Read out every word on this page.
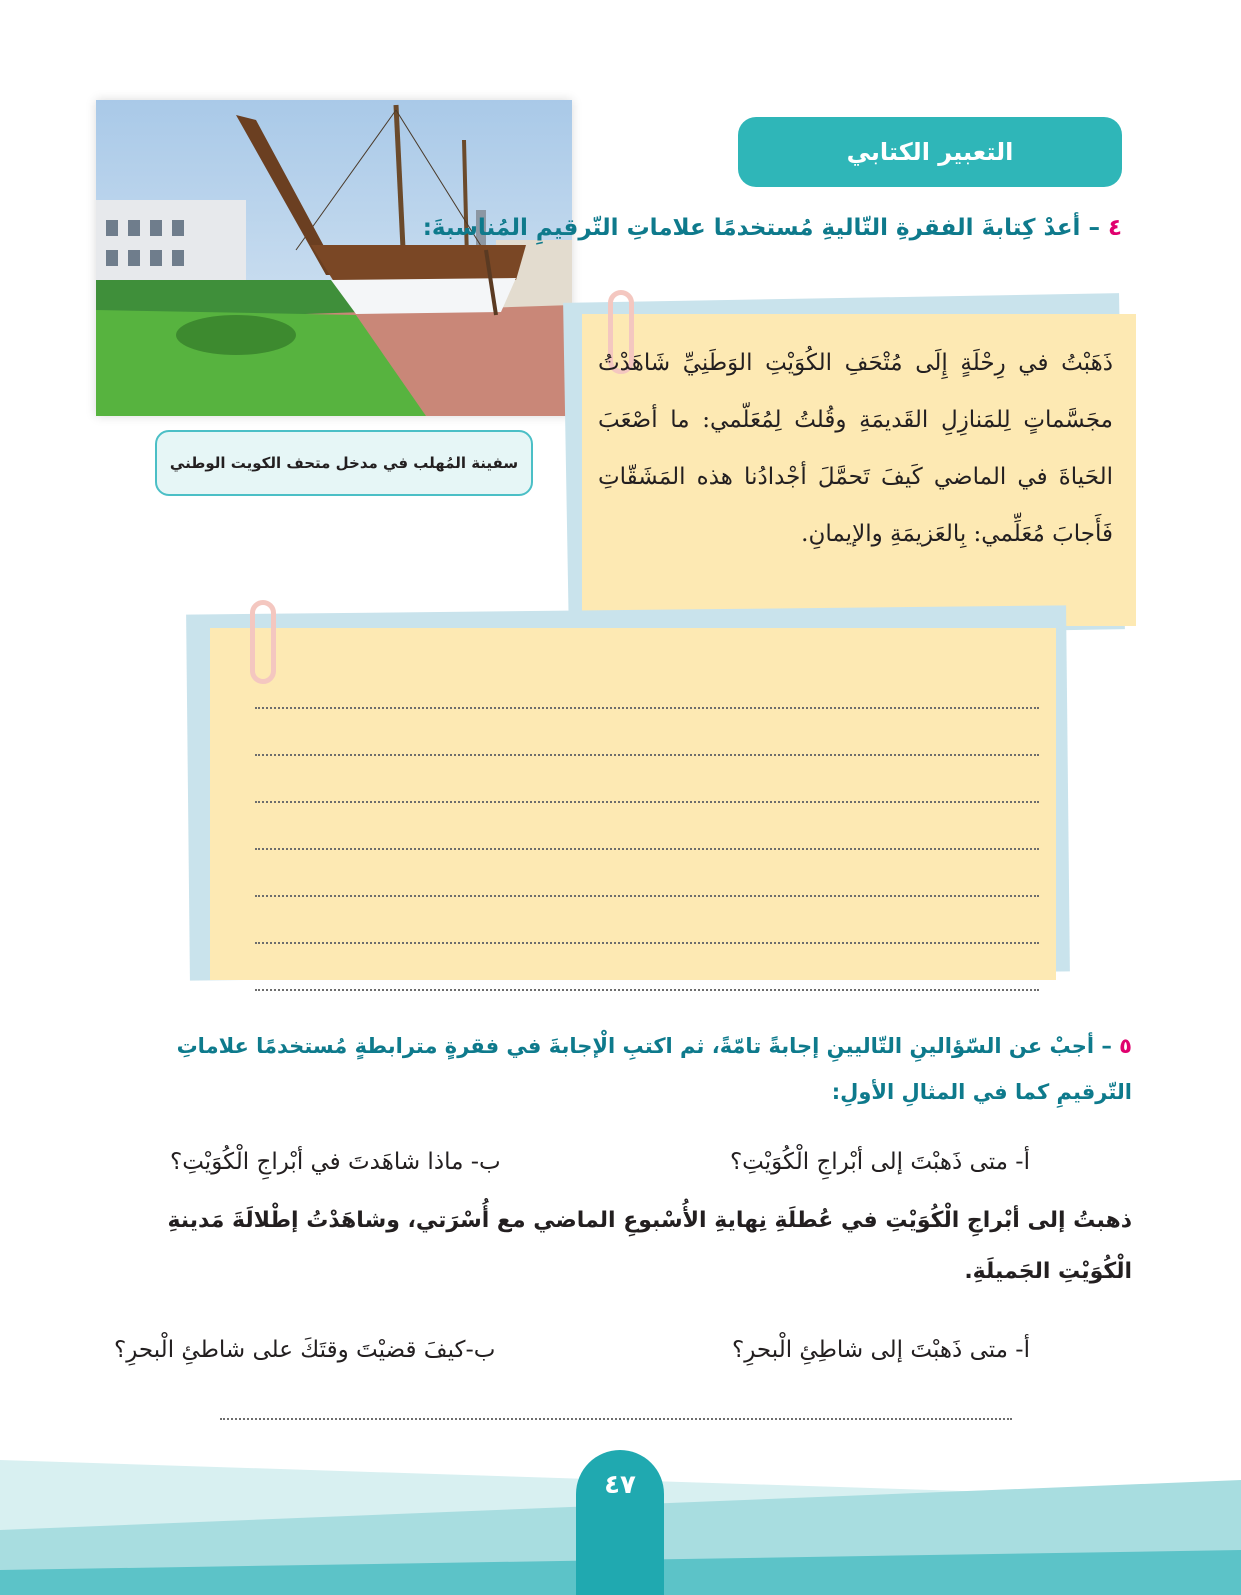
سفينة المُهلب في مدخل متحف الكويت الوطني
التعبير الكتابي
٤ – أعدْ كِتابةَ الفقرةِ التّاليةِ مُستخدمًا علاماتِ التّرقيمِ المُناسبةَ:
ذَهَبْتُ في رِحْلَةٍ إِلَى مُتْحَفِ الكُوَيْتِ الوَطَنِيِّ شَاهَدْتُ مجَسَّماتٍ لِلمَنازِلِ القَديمَةِ وقُلتُ لِمُعَلّمي: ما أصْعَبَ الحَياةَ في الماضي كَيفَ تَحمَّلَ أجْدادُنا هذه المَشَقّاتِ فَأَجابَ مُعَلِّمي: بِالعَزيمَةِ والإيمانِ.
٥ – أجبْ عن السّؤالينِ التّاليينِ إجابةً تامّةً، ثم اكتبِ الْإجابةَ في فقرةٍ مترابطةٍ مُستخدمًا علاماتِ التّرقيمِ كما في المثالِ الأولِ:
أ- متى ذَهبْتَ إلى أبْراجِ الْكُوَيْتِ؟
ب- ماذا شاهَدتَ في أبْراجِ الْكُوَيْتِ؟
ذهبتُ إلى أبْراجِ الْكُوَيْتِ في عُطلَةِ نِهايةِ الأُسْبوعِ الماضي مع أُسْرَتي، وشاهَدْتُ إطْلالَةَ مَدينةِ الْكُوَيْتِ الجَميلَةِ.
أ- متى ذَهبْتَ إلى شاطِئِ الْبحرِ؟
ب-كيفَ قضيْتَ وقتَكَ على شاطئِ الْبحرِ؟
٤٧
